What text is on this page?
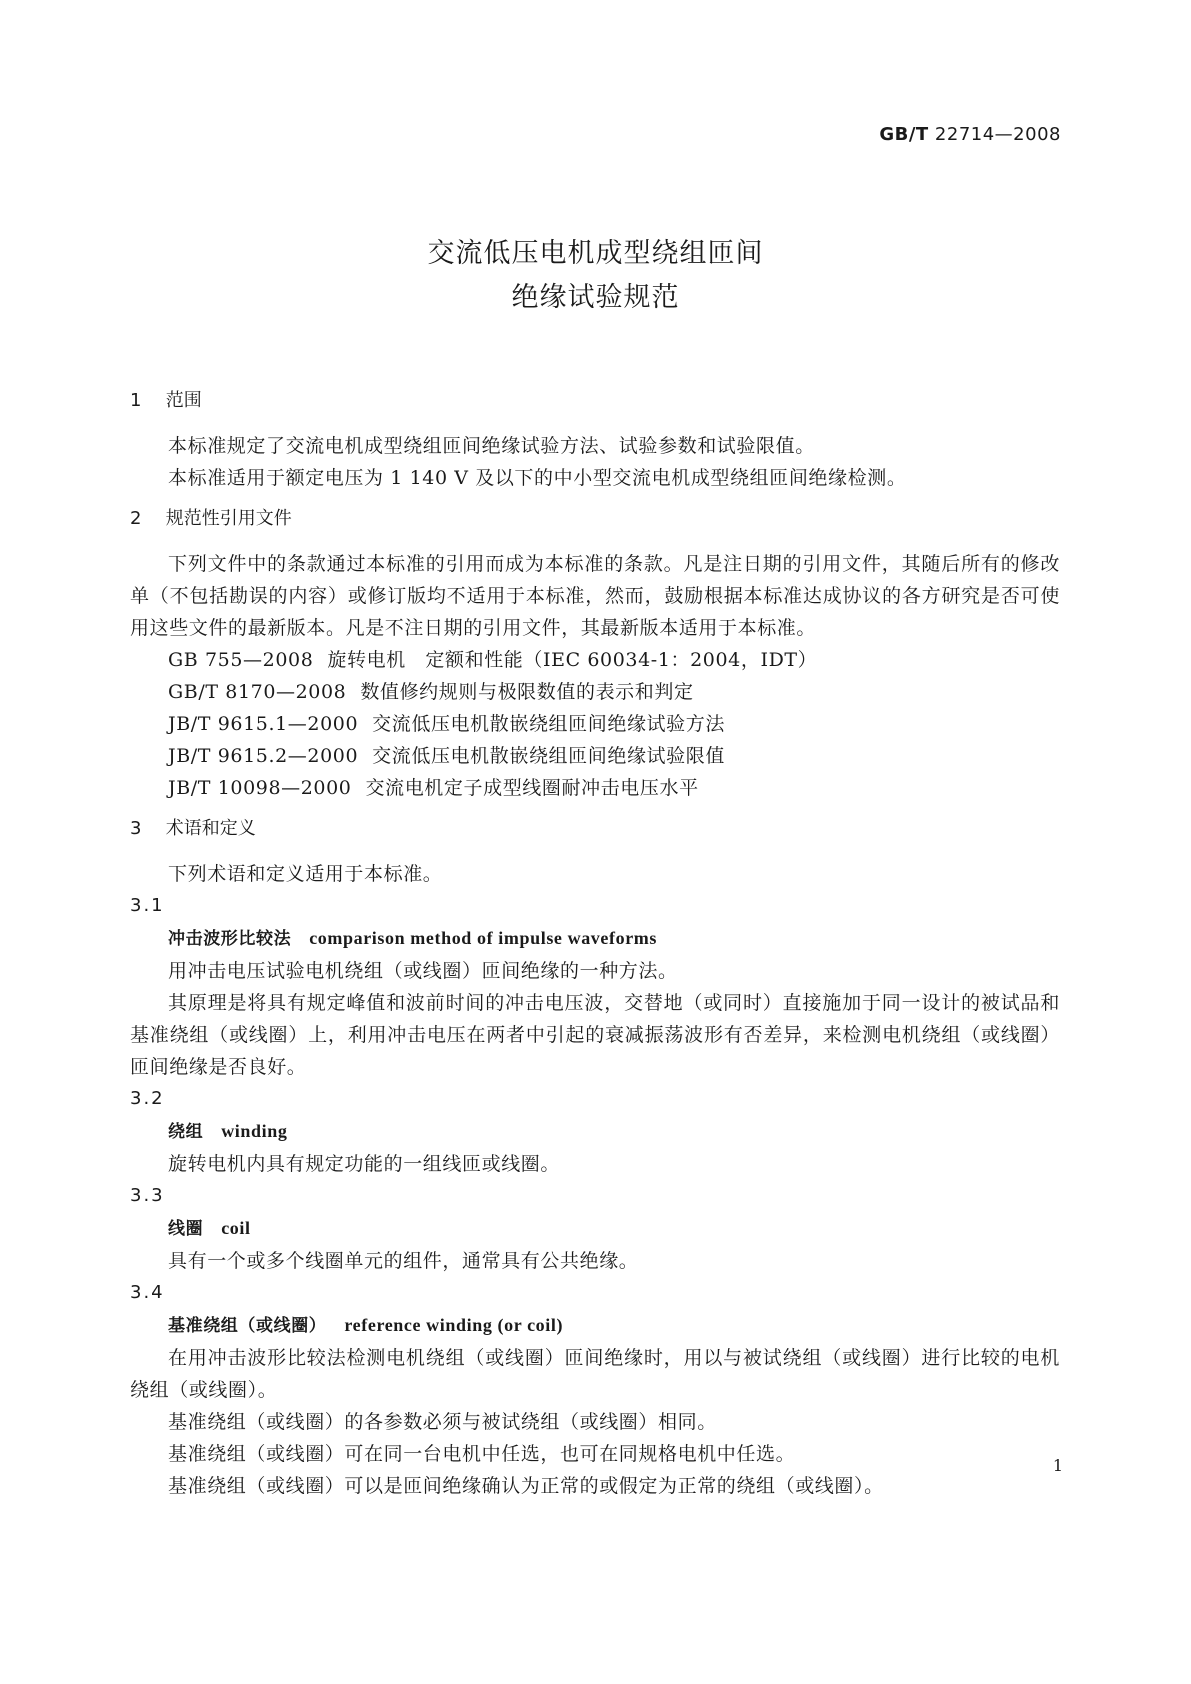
GB/T 22714—2008
交流低压电机成型绕组匝间
绝缘试验规范
1 范围

本标准规定了交流电机成型绕组匝间绝缘试验方法、试验参数和试验限值。

本标准适用于额定电压为 1 140 V 及以下的中小型交流电机成型绕组匝间绝缘检测。

2 规范性引用文件

下列文件中的条款通过本标准的引用而成为本标准的条款。凡是注日期的引用文件，其随后所有的修改单（不包括勘误的内容）或修订版均不适用于本标准，然而，鼓励根据本标准达成协议的各方研究是否可使用这些文件的最新版本。凡是不注日期的引用文件，其最新版本适用于本标准。

GB 755—2008 旋转电机　定额和性能（IEC 60034-1：2004，IDT）

GB/T 8170—2008 数值修约规则与极限数值的表示和判定

JB/T 9615.1—2000 交流低压电机散嵌绕组匝间绝缘试验方法

JB/T 9615.2—2000 交流低压电机散嵌绕组匝间绝缘试验限值

JB/T 10098—2000 交流电机定子成型线圈耐冲击电压水平

3 术语和定义

下列术语和定义适用于本标准。

3.1

冲击波形比较法 comparison method of impulse waveforms

用冲击电压试验电机绕组（或线圈）匝间绝缘的一种方法。

其原理是将具有规定峰值和波前时间的冲击电压波，交替地（或同时）直接施加于同一设计的被试品和基准绕组（或线圈）上，利用冲击电压在两者中引起的衰减振荡波形有否差异，来检测电机绕组（或线圈）匝间绝缘是否良好。

3.2

绕组 winding

旋转电机内具有规定功能的一组线匝或线圈。

3.3

线圈 coil

具有一个或多个线圈单元的组件，通常具有公共绝缘。

3.4

基准绕组（或线圈） reference winding (or coil)

在用冲击波形比较法检测电机绕组（或线圈）匝间绝缘时，用以与被试绕组（或线圈）进行比较的电机绕组（或线圈）。

基准绕组（或线圈）的各参数必须与被试绕组（或线圈）相同。

基准绕组（或线圈）可在同一台电机中任选，也可在同规格电机中任选。

基准绕组（或线圈）可以是匝间绝缘确认为正常的或假定为正常的绕组（或线圈）。

1
